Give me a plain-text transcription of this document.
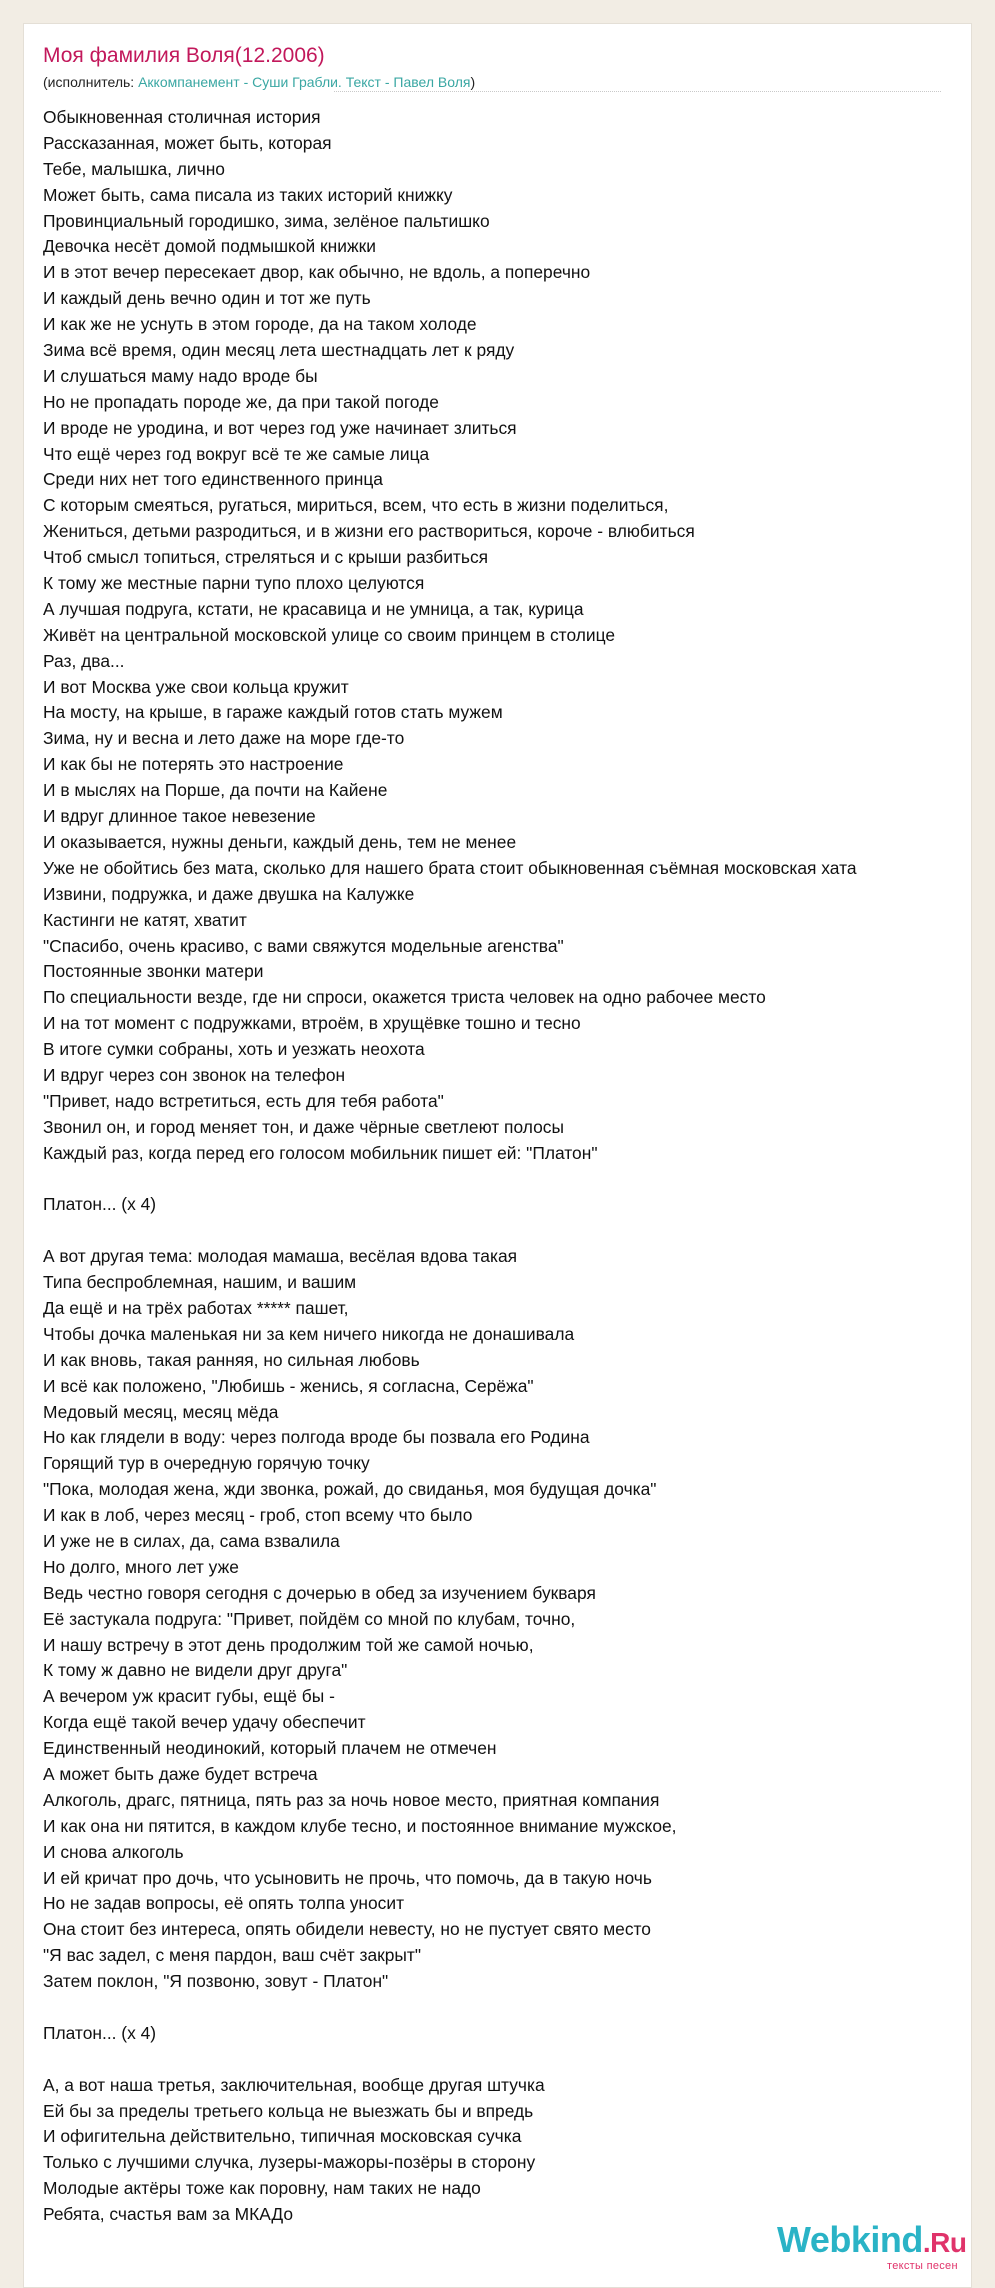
Моя фамилия Воля(12.2006)
(исполнитель: Аккомпанемент - Суши Грабли. Текст - Павел Воля)
Обыкновенная столичная история
Рассказанная, может быть, которая
Тебе, малышка, лично
Может быть, сама писала из таких историй книжку
Провинциальный городишко, зима, зелёное пальтишко
Девочка несёт домой подмышкой книжки
И в этот вечер пересекает двор, как обычно, не вдоль, а поперечно
И каждый день вечно один и тот же путь
И как же не уснуть в этом городе, да на таком холоде
Зима всё время, один месяц лета шестнадцать лет к ряду
И слушаться маму надо вроде бы
Но не пропадать породе же, да при такой погоде
И вроде не уродина, и вот через год уже начинает злиться
Что ещё через год вокруг всё те же самые лица
Среди них нет того единственного принца
С которым смеяться, ругаться, мириться, всем, что есть в жизни поделиться,
Жениться, детьми разродиться, и в жизни его раствориться, короче - влюбиться
Чтоб смысл топиться, стреляться и с крыши разбиться
К тому же местные парни тупо плохо целуются
А лучшая подруга, кстати, не красавица и не умница, а так, курица
Живёт на центральной московской улице со своим принцем в столице
Раз, два...
И вот Москва уже свои кольца кружит
На мосту, на крыше, в гараже каждый готов стать мужем
Зима, ну и весна и лето даже на море где-то
И как бы не потерять это настроение
И в мыслях на Порше, да почти на Кайене
И вдруг длинное такое невезение
И оказывается, нужны деньги, каждый день, тем не менее
Уже не обойтись без мата, сколько для нашего брата стоит обыкновенная съёмная московская хата
Извини, подружка, и даже двушка на Калужке
Кастинги не катят, хватит
"Спасибо, очень красиво, с вами свяжутся модельные агенства"
Постоянные звонки матери
По специальности везде, где ни спроси, окажется триста человек на одно рабочее место
И на тот момент с подружками, втроём, в хрущёвке тошно и тесно
В итоге сумки собраны, хоть и уезжать неохота
И вдруг через сон звонок на телефон
"Привет, надо встретиться, есть для тебя работа"
Звонил он, и город меняет тон, и даже чёрные светлеют полосы
Каждый раз, когда перед его голосом мобильник пишет ей: "Платон"
Платон... (х 4)
А вот другая тема: молодая мамаша, весёлая вдова такая
Типа беспроблемная, нашим, и вашим
Да ещё и на трёх работах ***** пашет,
Чтобы дочка маленькая ни за кем ничего никогда не донашивала
И как вновь, такая ранняя, но сильная любовь
И всё как положено, "Любишь - женись, я согласна, Серёжа"
Медовый месяц, месяц мёда
Но как глядели в воду: через полгода вроде бы позвала его Родина
Горящий тур в очередную горячую точку
"Пока, молодая жена, жди звонка, рожай, до свиданья, моя будущая дочка"
И как в лоб, через месяц - гроб, стоп всему что было
И уже не в силах, да, сама взвалила
Но долго, много лет уже
Ведь честно говоря сегодня с дочерью в обед за изучением букваря
Её застукала подруга: "Привет, пойдём со мной по клубам, точно,
И нашу встречу в этот день продолжим той же самой ночью,
К тому ж давно не видели друг друга"
А вечером уж красит губы, ещё бы -
Когда ещё такой вечер удачу обеспечит
Единственный неодинокий, который плачем не отмечен
А может быть даже будет встреча
Алкоголь, драгс, пятница, пять раз за ночь новое место, приятная компания
И как она ни пятится, в каждом клубе тесно, и постоянное внимание мужское,
И снова алкоголь
И ей кричат про дочь, что усыновить не прочь, что помочь, да в такую ночь
Но не задав вопросы, её опять толпа уносит
Она стоит без интереса, опять обидели невесту, но не пустует свято место
"Я вас задел, с меня пардон, ваш счёт закрыт"
Затем поклон, "Я позвоню, зовут - Платон"
Платон... (х 4)
А, а вот наша третья, заключительная, вообще другая штучка
Ей бы за пределы третьего кольца не выезжать бы и впредь
И офигительна действительно, типичная московская сучка
Только с лучшими случка, лузеры-мажоры-позёры в сторону
Молодые актёры тоже как поровну, нам таких не надо
Ребята, счастья вам за МКАДо
Webkind.Ru
тексты песен
